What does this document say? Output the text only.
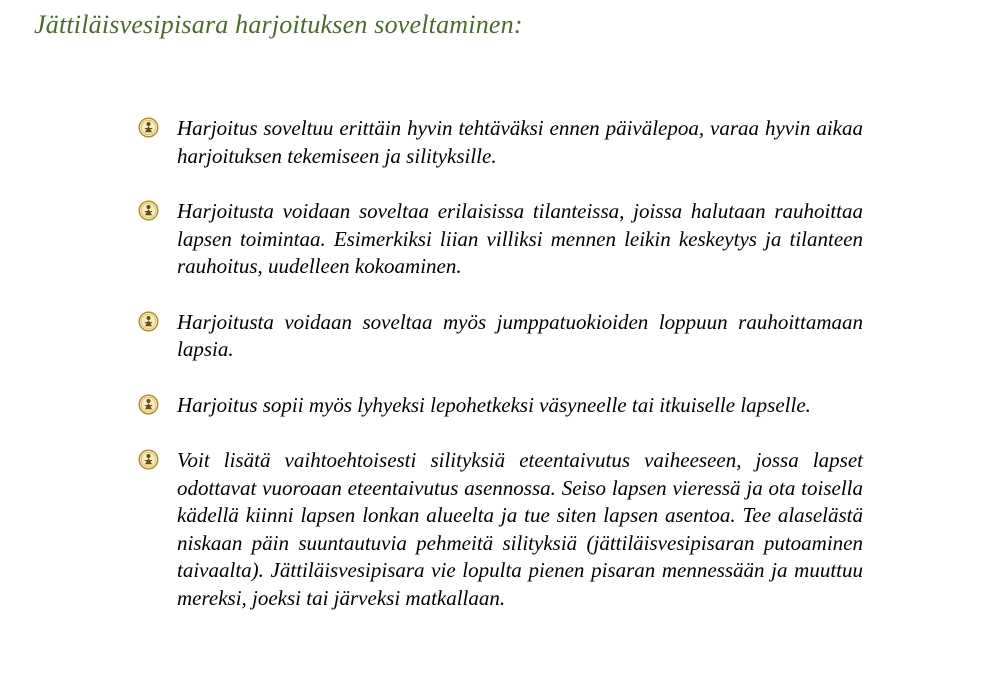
Jättiläisvesipisara harjoituksen soveltaminen:
Harjoitus soveltuu erittäin hyvin tehtäväksi ennen päivälepoa, varaa hyvin aikaa harjoituksen tekemiseen ja silityksille.
Harjoitusta voidaan soveltaa erilaisissa tilanteissa, joissa halutaan rauhoittaa lapsen toimintaa. Esimerkiksi liian villiksi mennen leikin keskeytys ja tilanteen rauhoitus, uudelleen kokoaminen.
Harjoitusta voidaan soveltaa myös jumppatuokioiden loppuun rauhoittamaan lapsia.
Harjoitus sopii myös lyhyeksi lepohetkeksi väsyneelle tai itkuiselle lapselle.
Voit lisätä vaihtoehtoisesti silityksiä eteentaivutus vaiheeseen, jossa lapset odottavat vuoroaan eteentaivutus asennossa. Seiso lapsen vieressä ja ota toisella kädellä kiinni lapsen lonkan alueelta ja tue siten lapsen asentoa. Tee alaselästä niskaan päin suuntautuvia pehmeitä silityksiä (jättiläisvesipisaran putoaminen taivaalta). Jättiläisvesipisara vie lopulta pienen pisaran mennessään ja muuttuu mereksi, joeksi tai järveksi matkallaan.
